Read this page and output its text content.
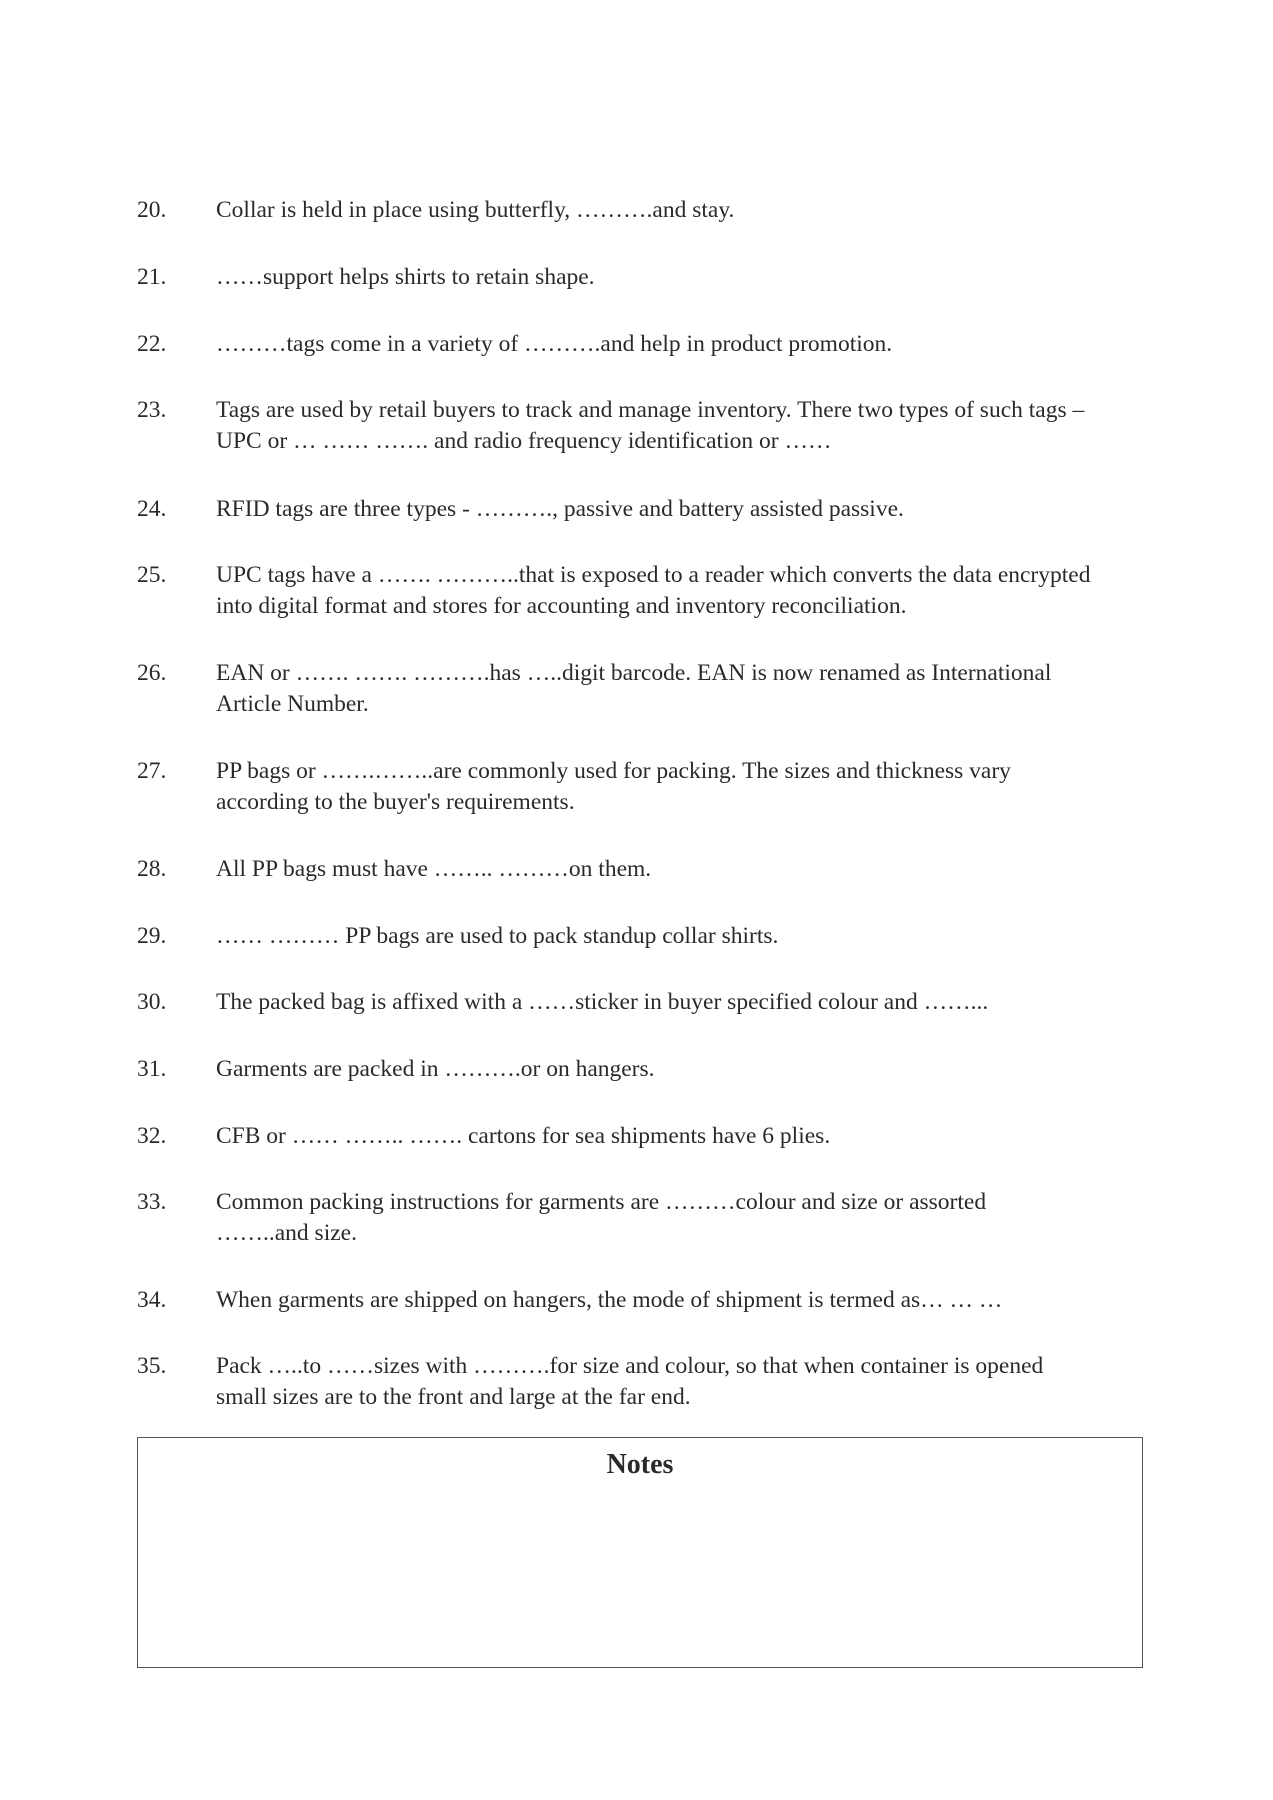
20. Collar is held in place using butterfly, ……….and stay.
21. ……support helps shirts to retain shape.
22. ………tags come in a variety of ……….and help in product promotion.
23. Tags are used by retail buyers to track and manage inventory. There two types of such tags –
UPC or … …… ……. and radio frequency identification or ……
24. RFID tags are three types - ………., passive and battery assisted passive.
25. UPC tags have a ……. ………..that is exposed to a reader which converts the data encrypted
into digital format and stores for accounting and inventory reconciliation.
26. EAN or ……. ……. ……….has …..digit barcode. EAN is now renamed as International
Article Number.
27. PP bags or …….……..are commonly used for packing. The sizes and thickness vary
according to the buyer's requirements.
28. All PP bags must have …….. ………on them.
29. …… ……… PP bags are used to pack standup collar shirts.
30. The packed bag is affixed with a ……sticker in buyer specified colour and ……...
31. Garments are packed in ……….or on hangers.
32. CFB or …… …….. ……. cartons for sea shipments have 6 plies.
33. Common packing instructions for garments are ………colour and size or assorted
……..and size.
34. When garments are shipped on hangers, the mode of shipment is termed as… … …
35. Pack …..to ……sizes with ……….for size and colour, so that when container is opened
small sizes are to the front and large at the far end.
Notes
